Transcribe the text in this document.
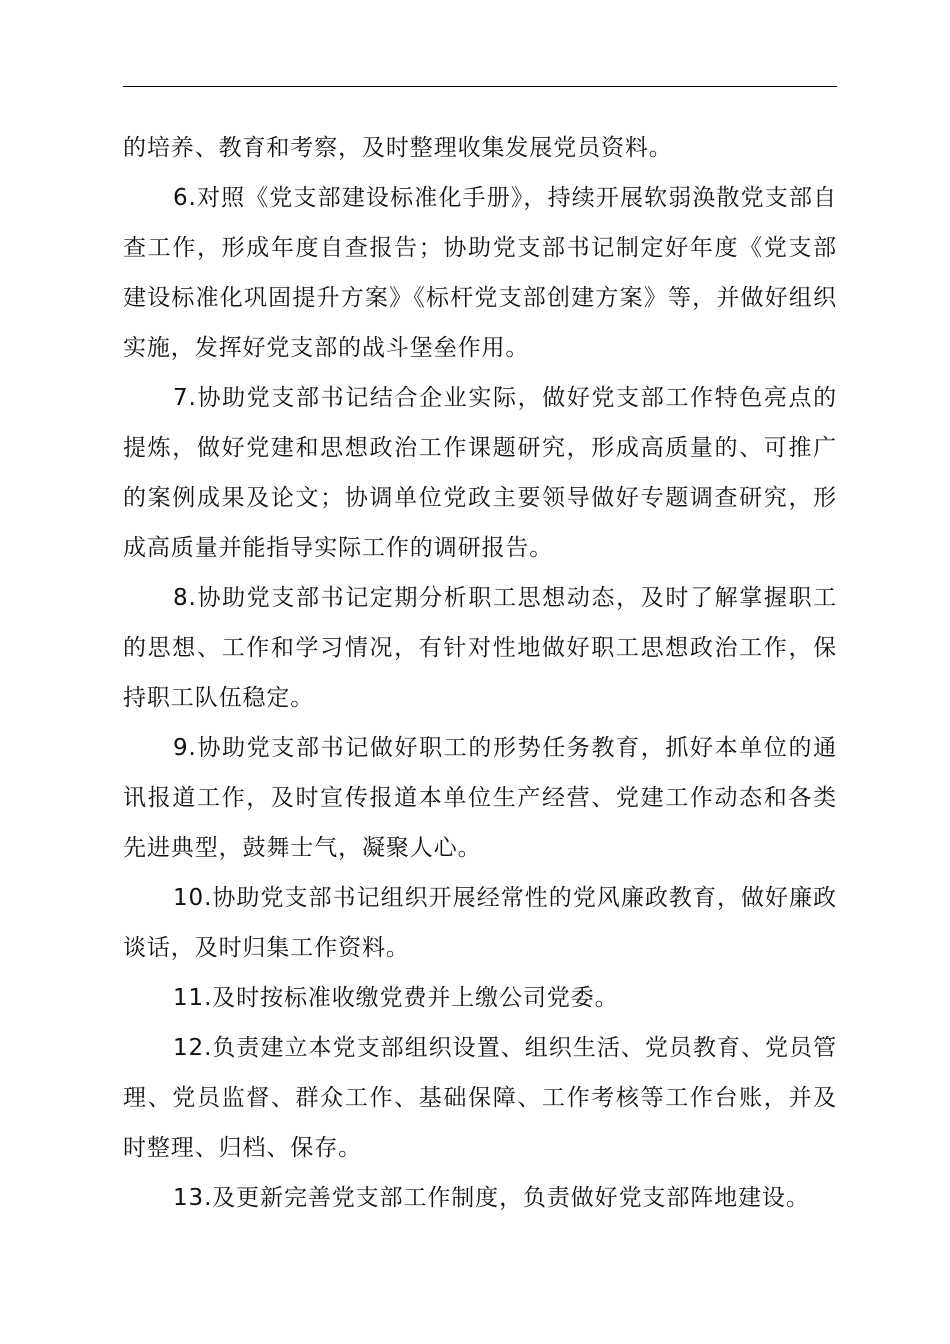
的培养、教育和考察，及时整理收集发展党员资料。

6.对照《党支部建设标准化手册》，持续开展软弱涣散党支部自查工作，形成年度自查报告；协助党支部书记制定好年度《党支部建设标准化巩固提升方案》《标杆党支部创建方案》等，并做好组织实施，发挥好党支部的战斗堡垒作用。

7.协助党支部书记结合企业实际，做好党支部工作特色亮点的提炼，做好党建和思想政治工作课题研究，形成高质量的、可推广的案例成果及论文；协调单位党政主要领导做好专题调查研究，形成高质量并能指导实际工作的调研报告。

8.协助党支部书记定期分析职工思想动态，及时了解掌握职工的思想、工作和学习情况，有针对性地做好职工思想政治工作，保持职工队伍稳定。

9.协助党支部书记做好职工的形势任务教育，抓好本单位的通讯报道工作，及时宣传报道本单位生产经营、党建工作动态和各类先进典型，鼓舞士气，凝聚人心。

10.协助党支部书记组织开展经常性的党风廉政教育，做好廉政谈话，及时归集工作资料。

11.及时按标准收缴党费并上缴公司党委。

12.负责建立本党支部组织设置、组织生活、党员教育、党员管理、党员监督、群众工作、基础保障、工作考核等工作台账，并及时整理、归档、保存。

13.及更新完善党支部工作制度，负责做好党支部阵地建设。
